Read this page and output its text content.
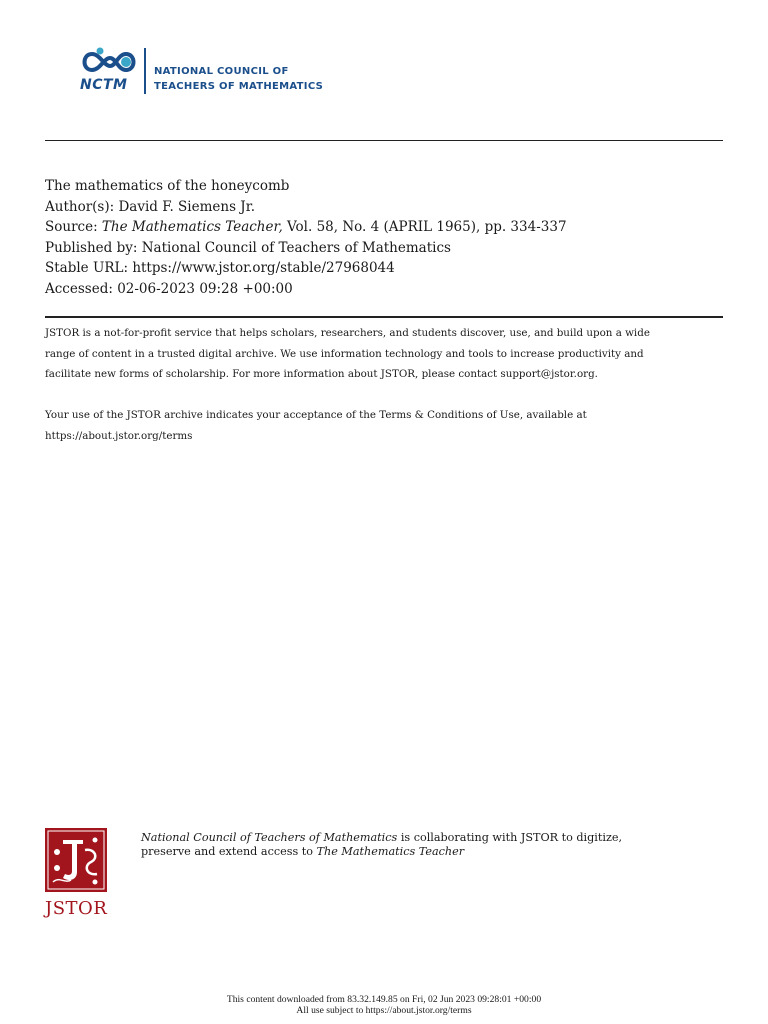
NCTM
NATIONAL COUNCIL OF
TEACHERS OF MATHEMATICS
The mathematics of the honeycomb
Author(s): David F. Siemens Jr.
Source: The Mathematics Teacher, Vol. 58, No. 4 (APRIL 1965), pp. 334-337
Published by: National Council of Teachers of Mathematics
Stable URL: https://www.jstor.org/stable/27968044
Accessed: 02-06-2023 09:28 +00:00
JSTOR is a not-for-profit service that helps scholars, researchers, and students discover, use, and build upon a wide
range of content in a trusted digital archive. We use information technology and tools to increase productivity and
facilitate new forms of scholarship. For more information about JSTOR, please contact support@jstor.org.
Your use of the JSTOR archive indicates your acceptance of the Terms & Conditions of Use, available at
https://about.jstor.org/terms
JSTOR
National Council of Teachers of Mathematics is collaborating with JSTOR to digitize,
preserve and extend access to The Mathematics Teacher
This content downloaded from 83.32.149.85 on Fri, 02 Jun 2023 09:28:01 +00:00
All use subject to https://about.jstor.org/terms
